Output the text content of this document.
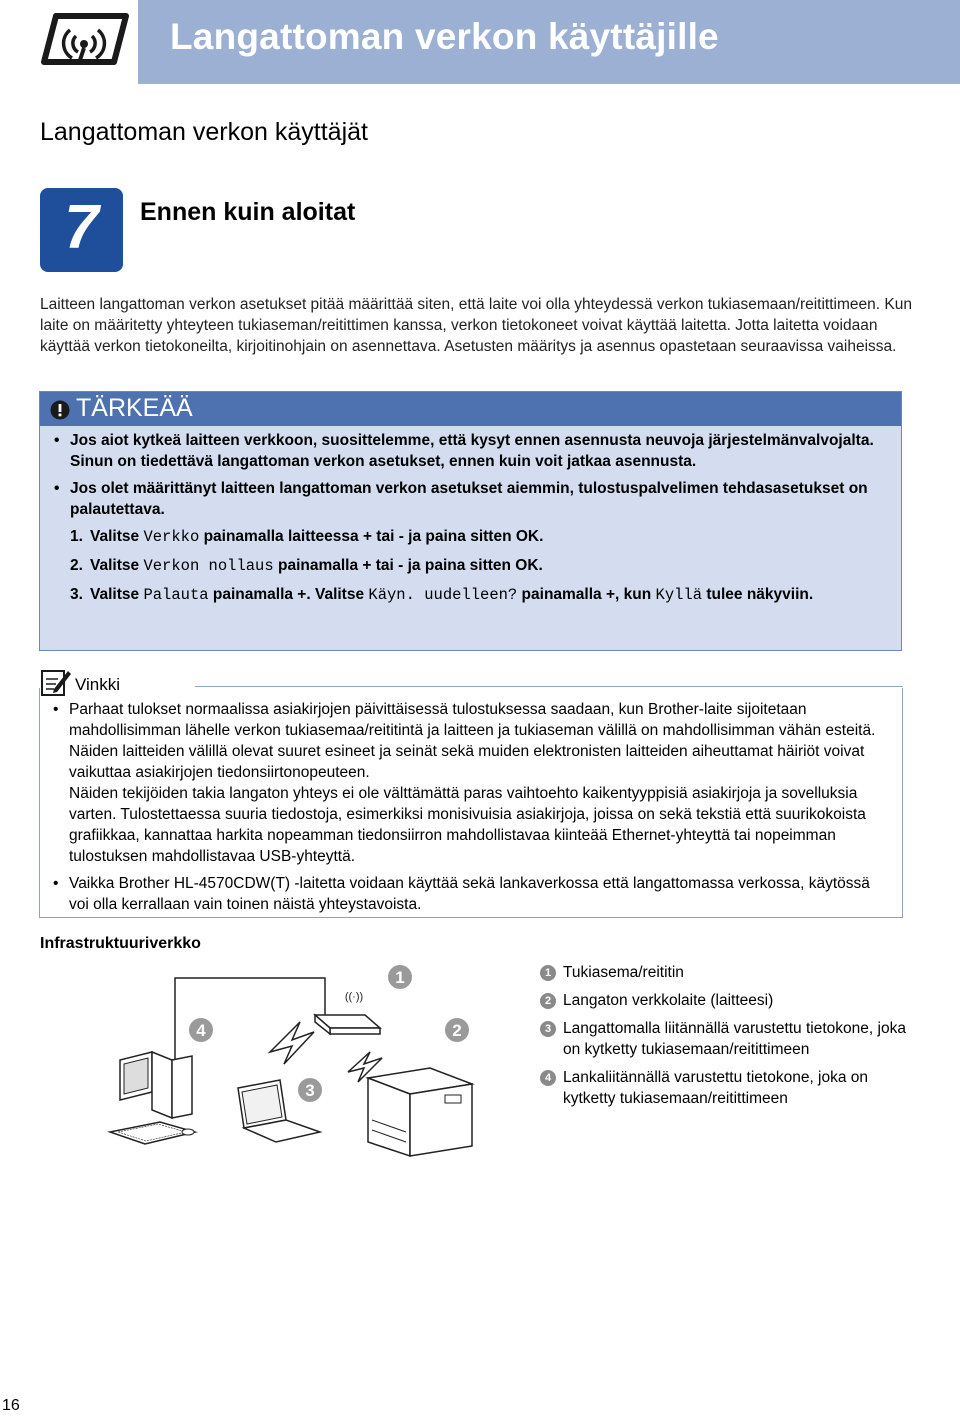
Langattoman verkon käyttäjille
Langattoman verkon käyttäjät
7	Ennen kuin aloitat
Laitteen langattoman verkon asetukset pitää määrittää siten, että laite voi olla yhteydessä verkon tukiasemaan/reitittimeen. Kun laite on määritetty yhteyteen tukiaseman/reitittimen kanssa, verkon tietokoneet voivat käyttää laitetta. Jotta laitetta voidaan käyttää verkon tietokoneilta, kirjoitinohjain on asennettava. Asetusten määritys ja asennus opastetaan seuraavissa vaiheissa.
TÄRKEÄÄ
• Jos aiot kytkeä laitteen verkkoon, suosittelemme, että kysyt ennen asennusta neuvoja järjestelmänvalvojalta. Sinun on tiedettävä langattoman verkon asetukset, ennen kuin voit jatkaa asennusta.
• Jos olet määrittänyt laitteen langattoman verkon asetukset aiemmin, tulostuspalvelimen tehdasasetukset on palautettava.
1. Valitse Verkko painamalla laitteessa + tai - ja paina sitten OK.
2. Valitse Verkon nollaus painamalla + tai - ja paina sitten OK.
3. Valitse Palauta painamalla +. Valitse Käyn. uudelleen? painamalla +, kun Kyllä tulee näkyviin.
Vinkki
• Parhaat tulokset normaalissa asiakirjojen päivittäisessä tulostuksessa saadaan, kun Brother-laite sijoitetaan mahdollisimman lähelle verkon tukiasemaa/reititintä ja laitteen ja tukiaseman välillä on mahdollisimman vähän esteitä. Näiden laitteiden välillä olevat suuret esineet ja seinät sekä muiden elektronisten laitteiden aiheuttamat häiriöt voivat vaikuttaa asiakirjojen tiedonsiirtonopeuteen.
Näiden tekijöiden takia langaton yhteys ei ole välttämättä paras vaihtoehto kaikentyyppisiä asiakirjoja ja sovelluksia varten. Tulostettaessa suuria tiedostoja, esimerkiksi monisivuisia asiakirjoja, joissa on sekä tekstiä että suurikokoista grafiikkaa, kannattaa harkita nopeamman tiedonsiirron mahdollistavaa kiinteää Ethernet-yhteyttä tai nopeimman tulostuksen mahdollistavaa USB-yhteyttä.
• Vaikka Brother HL-4570CDW(T) -laitetta voidaan käyttää sekä lankaverkossa että langattomassa verkossa, käytössä voi olla kerrallaan vain toinen näistä yhteystavoista.
Infrastruktuuriverkko
1
2
3
4
((·))
1 Tukiasema/reititin
2 Langaton verkkolaite (laitteesi)
3 Langattomalla liitännällä varustettu tietokone, joka on kytketty tukiasemaan/reitittimeen
4 Lankaliitännällä varustettu tietokone, joka on kytketty tukiasemaan/reitittimeen
16
